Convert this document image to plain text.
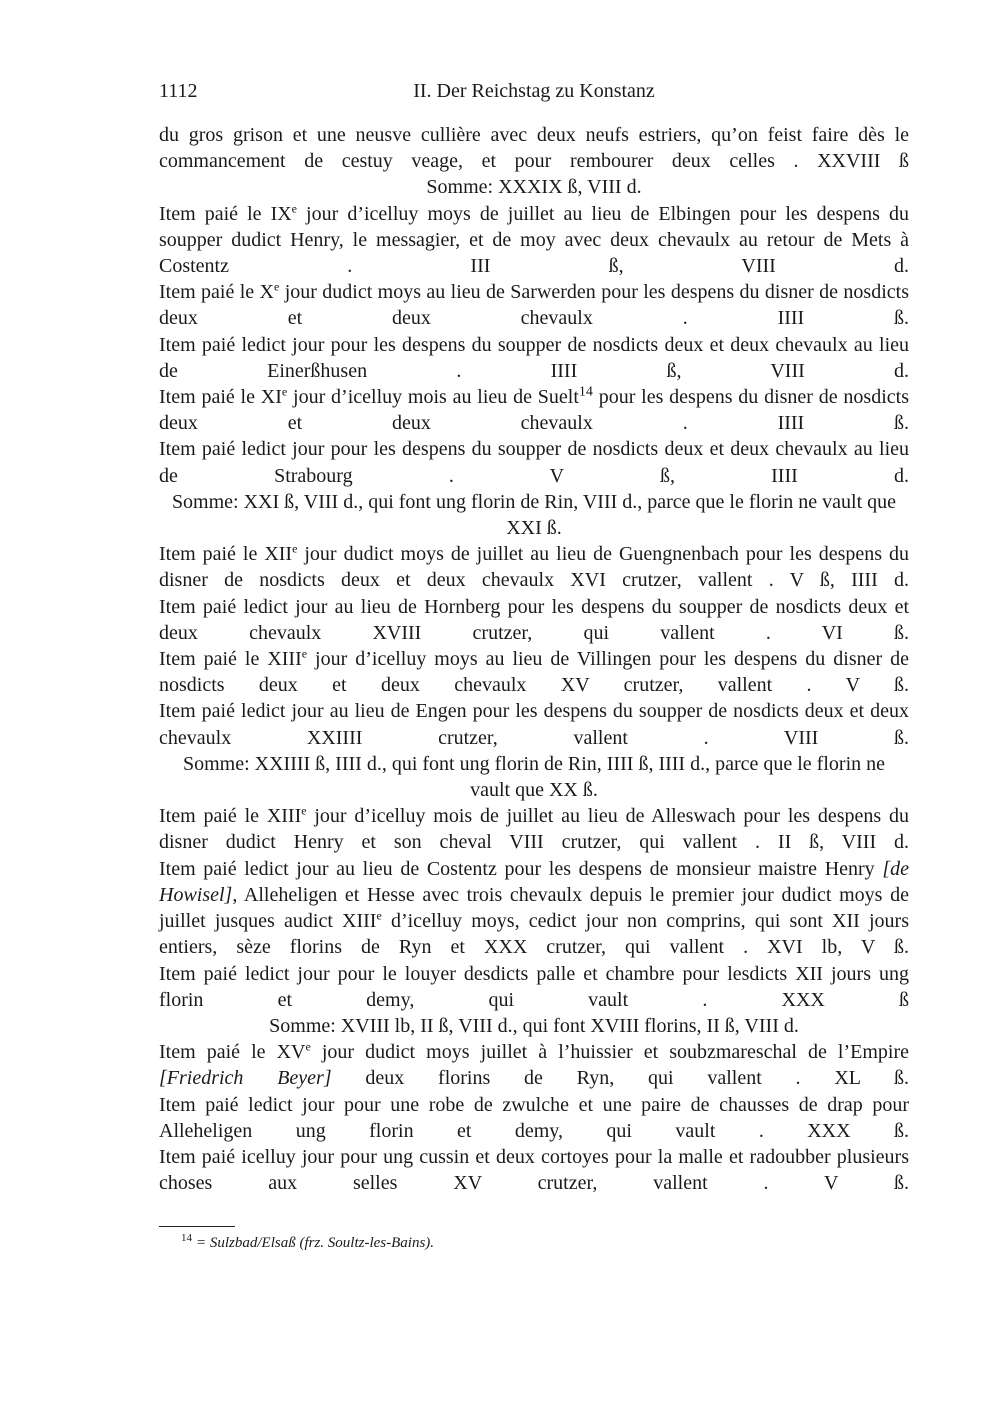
1112	II. Der Reichstag zu Konstanz
du gros grison et une neusve cullière avec deux neufs estriers, qu’on feist faire dès le commancement de cestuy veage, et pour rembourer deux celles . XXVIII ß
Somme: XXXIX ß, VIII d.
Item paié le IXe jour d’icelluy moys de juillet au lieu de Elbingen pour les despens du soupper dudict Henry, le messagier, et de moy avec deux chevaulx au retour de Mets à Costentz	.	III ß, VIII d.
Item paié le Xe jour dudict moys au lieu de Sarwerden pour les despens du disner de nosdicts deux et deux chevaulx	.	IIII ß.
Item paié ledict jour pour les despens du soupper de nosdicts deux et deux chevaulx au lieu de Einerßhusen	.	IIII ß, VIII d.
Item paié le XIe jour d’icelluy mois au lieu de Suelt$^{14}$ pour les despens du disner de nosdicts deux et deux chevaulx	.	IIII ß.
Item paié ledict jour pour les despens du soupper de nosdicts deux et deux chevaulx au lieu de Strabourg	.	V ß, IIII d.
Somme: XXI ß, VIII d., qui font ung florin de Rin, VIII d., parce que le florin ne vault que XXI ß.
Item paié le XIIe jour dudict moys de juillet au lieu de Guengnenbach pour les despens du disner de nosdicts deux et deux chevaulx XVI crutzer, vallent . V ß, IIII d.
Item paié ledict jour au lieu de Hornberg pour les despens du soupper de nosdicts deux et deux chevaulx XVIII crutzer, qui vallent	.	VI ß.
Item paié le XIIIe jour d’icelluy moys au lieu de Villingen pour les despens du disner de nosdicts deux et deux chevaulx XV crutzer, vallent . V ß.
Item paié ledict jour au lieu de Engen pour les despens du soupper de nosdicts deux et deux chevaulx XXIIII crutzer, vallent	.	VIII ß.
Somme: XXIIII ß, IIII d., qui font ung florin de Rin, IIII ß, IIII d., parce que le florin ne vault que XX ß.
Item paié le XIIIe jour d’icelluy mois de juillet au lieu de Alleswach pour les despens du disner dudict Henry et son cheval VIII crutzer, qui vallent . II ß, VIII d.
Item paié ledict jour au lieu de Costentz pour les despens de monsieur maistre Henry [de Howisel], Alleheligen et Hesse avec trois chevaulx depuis le premier jour dudict moys de juillet jusques audict XIIIe d’icelluy moys, cedict jour non comprins, qui sont XII jours entiers, sèze florins de Ryn et XXX crutzer, qui vallent . XVI lb, V ß.
Item paié ledict jour pour le louyer desdicts palle et chambre pour lesdicts XII jours ung florin et demy, qui vault	.	XXX ß
Somme: XVIII lb, II ß, VIII d., qui font XVIII florins, II ß, VIII d.
Item paié le XVe jour dudict moys juillet à l’huissier et soubzmareschal de l’Empire [Friedrich Beyer] deux florins de Ryn, qui vallent . XL ß.
Item paié ledict jour pour une robe de zwulche et une paire de chausses de drap pour Alleheligen ung florin et demy, qui vault . XXX ß.
Item paié icelluy jour pour ung cussin et deux cortoyes pour la malle et radoubber plusieurs choses aux selles XV crutzer, vallent	.	V ß.
$^{14}$ = Sulzbad/Elsaß (frz. Soultz-les-Bains).
